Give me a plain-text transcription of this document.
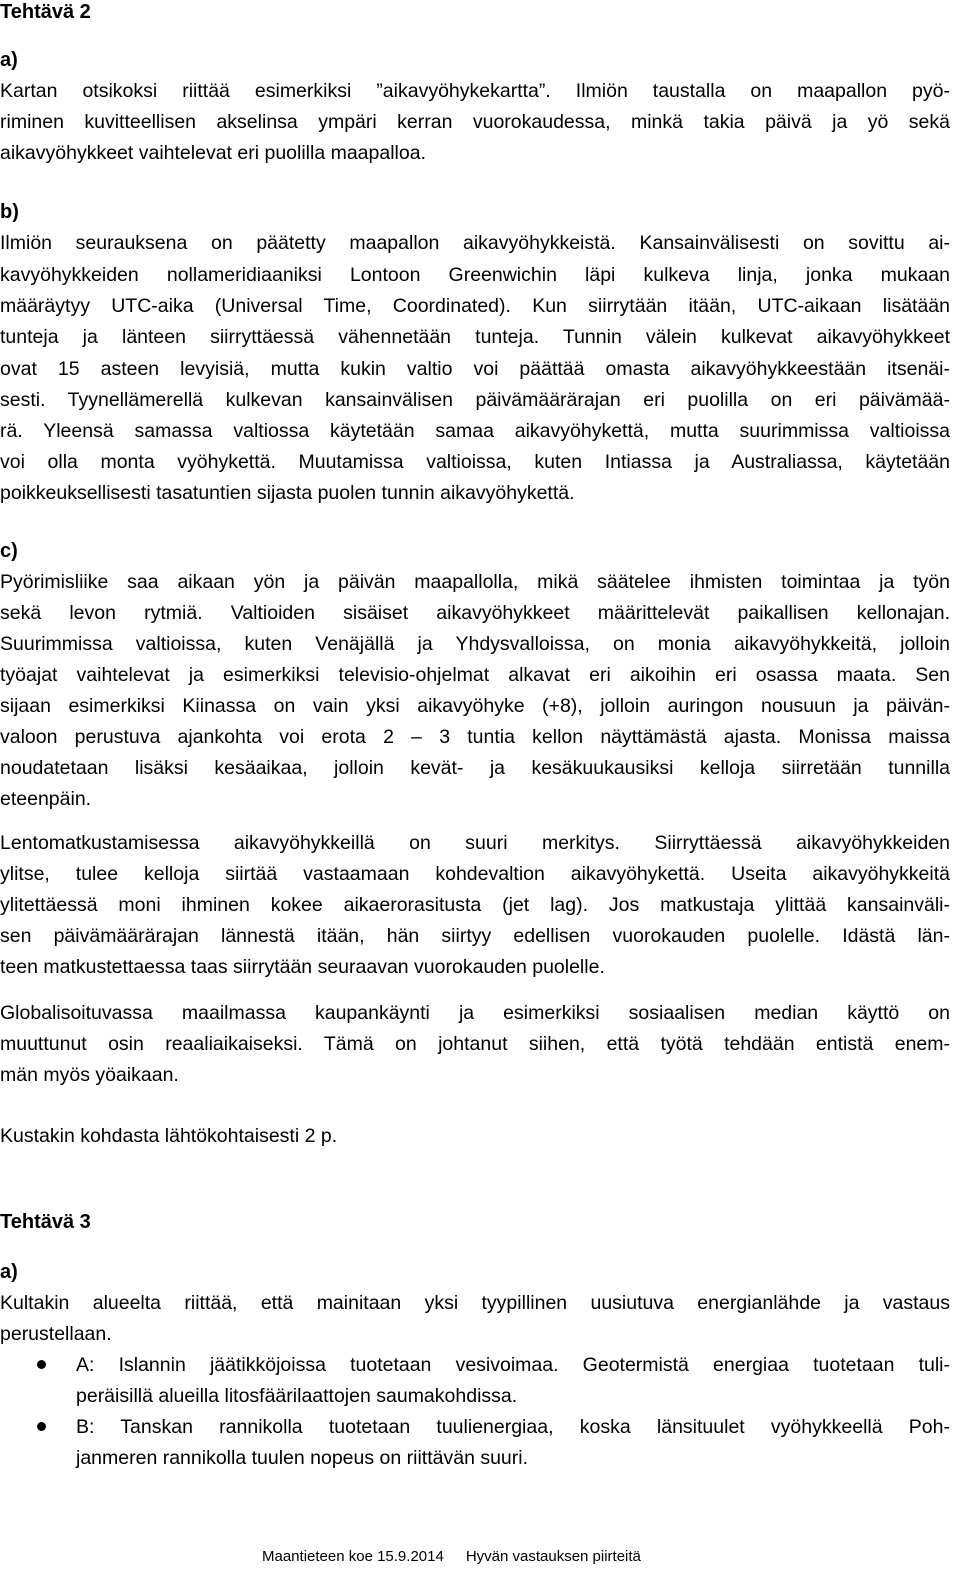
Tehtävä 2
a)
Kartan otsikoksi riittää esimerkiksi ”aikavyöhykekartta”. Ilmiön taustalla on maapallon pyö-
riminen kuvitteellisen akselinsa ympäri kerran vuorokaudessa, minkä takia päivä ja yö sekä
aikavyöhykkeet vaihtelevat eri puolilla maapalloa.
b)
Ilmiön seurauksena on päätetty maapallon aikavyöhykkeistä. Kansainvälisesti on sovittu ai-
kavyöhykkeiden nollameridiaaniksi Lontoon Greenwichin läpi kulkeva linja, jonka mukaan
määräytyy UTC-aika (Universal Time, Coordinated). Kun siirrytään itään, UTC-aikaan lisätään
tunteja ja länteen siirryttäessä vähennetään tunteja. Tunnin välein kulkevat aikavyöhykkeet
ovat 15 asteen levyisiä, mutta kukin valtio voi päättää omasta aikavyöhykkeestään itsenäi-
sesti. Tyynellämerellä kulkevan kansainvälisen päivämäärärajan eri puolilla on eri päivämää-
rä. Yleensä samassa valtiossa käytetään samaa aikavyöhykettä, mutta suurimmissa valtioissa
voi olla monta vyöhykettä. Muutamissa valtioissa, kuten Intiassa ja Australiassa, käytetään
poikkeuksellisesti tasatuntien sijasta puolen tunnin aikavyöhykettä.
c)
Pyörimisliike saa aikaan yön ja päivän maapallolla, mikä säätelee ihmisten toimintaa ja työn
sekä levon rytmiä. Valtioiden sisäiset aikavyöhykkeet määrittelevät paikallisen kellonajan.
Suurimmissa valtioissa, kuten Venäjällä ja Yhdysvalloissa, on monia aikavyöhykkeitä, jolloin
työajat vaihtelevat ja esimerkiksi televisio-ohjelmat alkavat eri aikoihin eri osassa maata. Sen
sijaan esimerkiksi Kiinassa on vain yksi aikavyöhyke (+8), jolloin auringon nousuun ja päivän-
valoon perustuva ajankohta voi erota 2 – 3 tuntia kellon näyttämästä ajasta. Monissa maissa
noudatetaan lisäksi kesäaikaa, jolloin kevät- ja kesäkuukausiksi kelloja siirretään tunnilla
eteenpäin.
Lentomatkustamisessa aikavyöhykkeillä on suuri merkitys. Siirryttäessä aikavyöhykkeiden
ylitse, tulee kelloja siirtää vastaamaan kohdevaltion aikavyöhykettä. Useita aikavyöhykkeitä
ylitettäessä moni ihminen kokee aikaerorasitusta (jet lag). Jos matkustaja ylittää kansainväli-
sen päivämäärärajan lännestä itään, hän siirtyy edellisen vuorokauden puolelle. Idästä län-
teen matkustettaessa taas siirrytään seuraavan vuorokauden puolelle.
Globalisoituvassa maailmassa kaupankäynti ja esimerkiksi sosiaalisen median käyttö on
muuttunut osin reaaliaikaiseksi. Tämä on johtanut siihen, että työtä tehdään entistä enem-
män myös yöaikaan.
Kustakin kohdasta lähtökohtaisesti 2 p.
Tehtävä 3
a)
Kultakin alueelta riittää, että mainitaan yksi tyypillinen uusiutuva energianlähde ja vastaus
perustellaan.
A: Islannin jäätikköjoissa tuotetaan vesivoimaa. Geotermistä energiaa tuotetaan tuli-
peräisillä alueilla litosfäärilaattojen saumakohdissa.
B: Tanskan rannikolla tuotetaan tuulienergiaa, koska länsituulet vyöhykkeellä Poh-
janmeren rannikolla tuulen nopeus on riittävän suuri.
Maantieteen koe 15.9.2014 Hyvän vastauksen piirteitä
